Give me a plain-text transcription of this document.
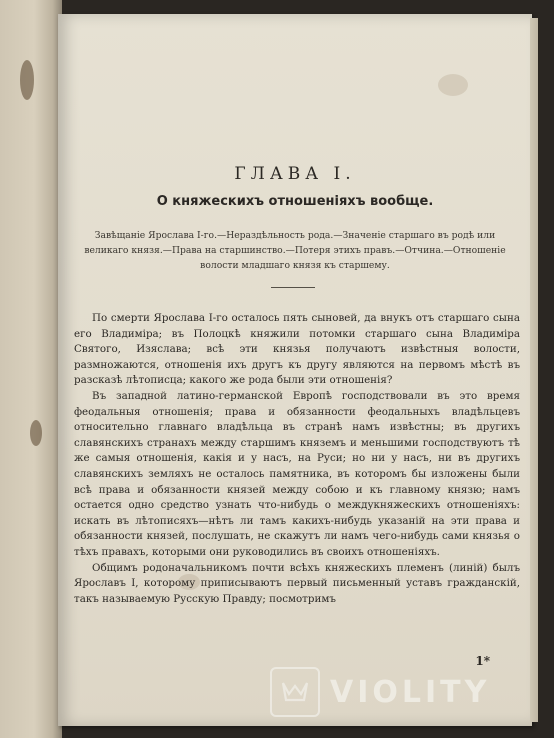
ГЛАВА I.
О княжескихъ отношеніяхъ вообще.
Завѣщаніе Ярослава I-го.—Нераздѣльность рода.—Значеніе старшаго въ родѣ или великаго князя.—Права на старшинство.—Потеря этихъ правъ.—Отчина.—Отношеніе волости младшаго князя къ старшему.

По смерти Ярослава I-го осталось пять сыновей, да внукъ отъ старшаго сына его Владиміра; въ Полоцкѣ княжили потомки старшаго сына Владиміра Святого, Изяслава; всѣ эти князья получаютъ извѣстныя волости, размножаются, отношенія ихъ другъ къ другу являются на первомъ мѣстѣ въ разсказѣ лѣтописца; какого же рода были эти отношенія?

Въ западной латино-германской Европѣ господствовали въ это время феодальныя отношенія; права и обязанности феодальныхъ владѣльцевъ относительно главнаго владѣльца въ странѣ намъ извѣстны; въ другихъ славянскихъ странахъ между старшимъ княземъ и меньшими господствуютъ тѣ же самыя отношенія, какія и у насъ, на Руси; но ни у насъ, ни въ другихъ славянскихъ земляхъ не осталось памятника, въ которомъ бы изложены были всѣ права и обязанности князей между собою и къ главному князю; намъ остается одно средство узнать что-нибудь о междукняжескихъ отношеніяхъ: искать въ лѣтописяхъ—нѣтъ ли тамъ какихъ-нибудь указаній на эти права и обязанности князей, послушать, не скажутъ ли намъ чего-нибудь сами князья о тѣхъ правахъ, которыми они руководились въ своихъ отношеніяхъ.

Общимъ родоначальникомъ почти всѣхъ княжескихъ племенъ (линій) былъ Ярославъ I, которому приписываютъ первый письменный уставъ гражданскій, такъ называемую Русскую Правду; посмотримъ

1*
VIOLITY
